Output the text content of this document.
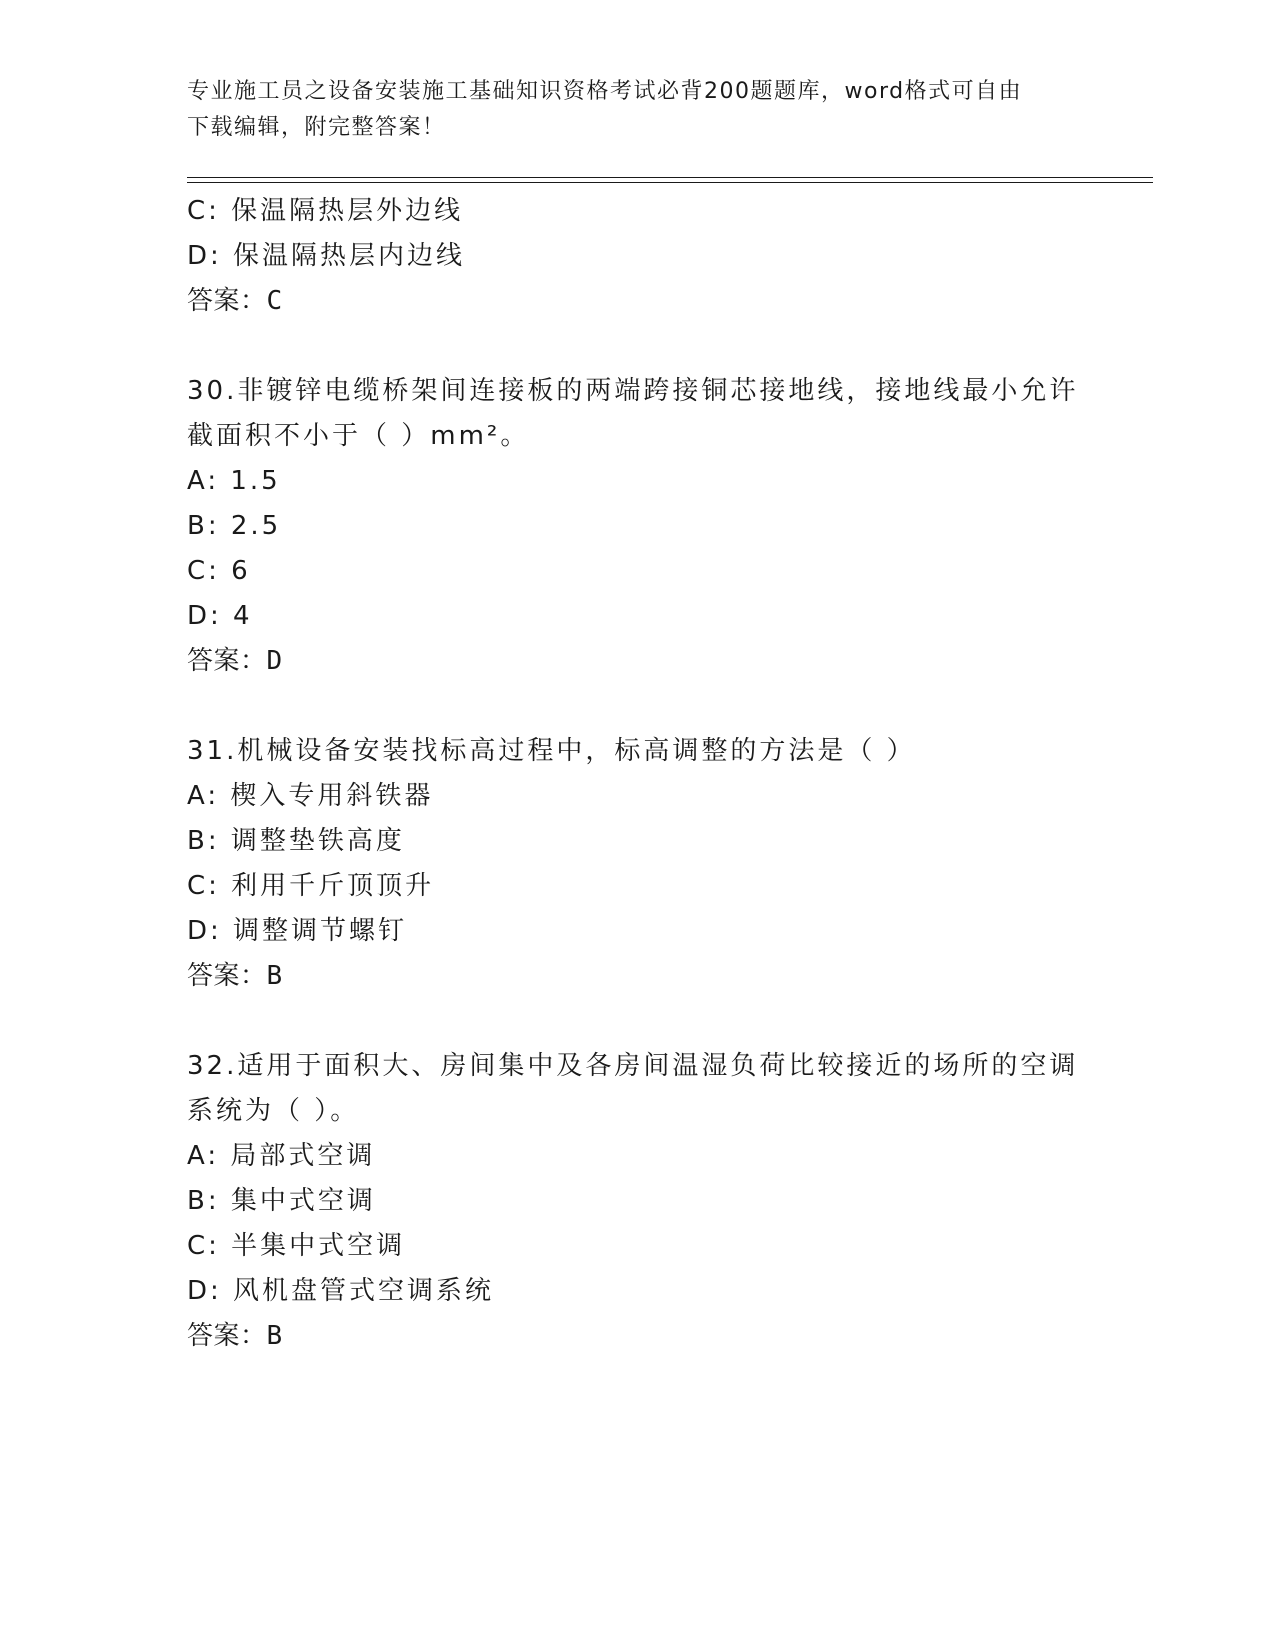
专业施工员之设备安装施工基础知识资格考试必背200题题库，word格式可自由
下载编辑，附完整答案！
C: 保温隔热层外边线
D: 保温隔热层内边线
答案：C
30.非镀锌电缆桥架间连接板的两端跨接铜芯接地线，接地线最小允许
截面积不小于（ ）mm²。
A: 1.5
B: 2.5
C: 6
D: 4
答案：D
31.机械设备安装找标高过程中，标高调整的方法是（ ）
A: 楔入专用斜铁器
B: 调整垫铁高度
C: 利用千斤顶顶升
D: 调整调节螺钉
答案：B
32.适用于面积大、房间集中及各房间温湿负荷比较接近的场所的空调
系统为（ ）。
A: 局部式空调
B: 集中式空调
C: 半集中式空调
D: 风机盘管式空调系统
答案：B
